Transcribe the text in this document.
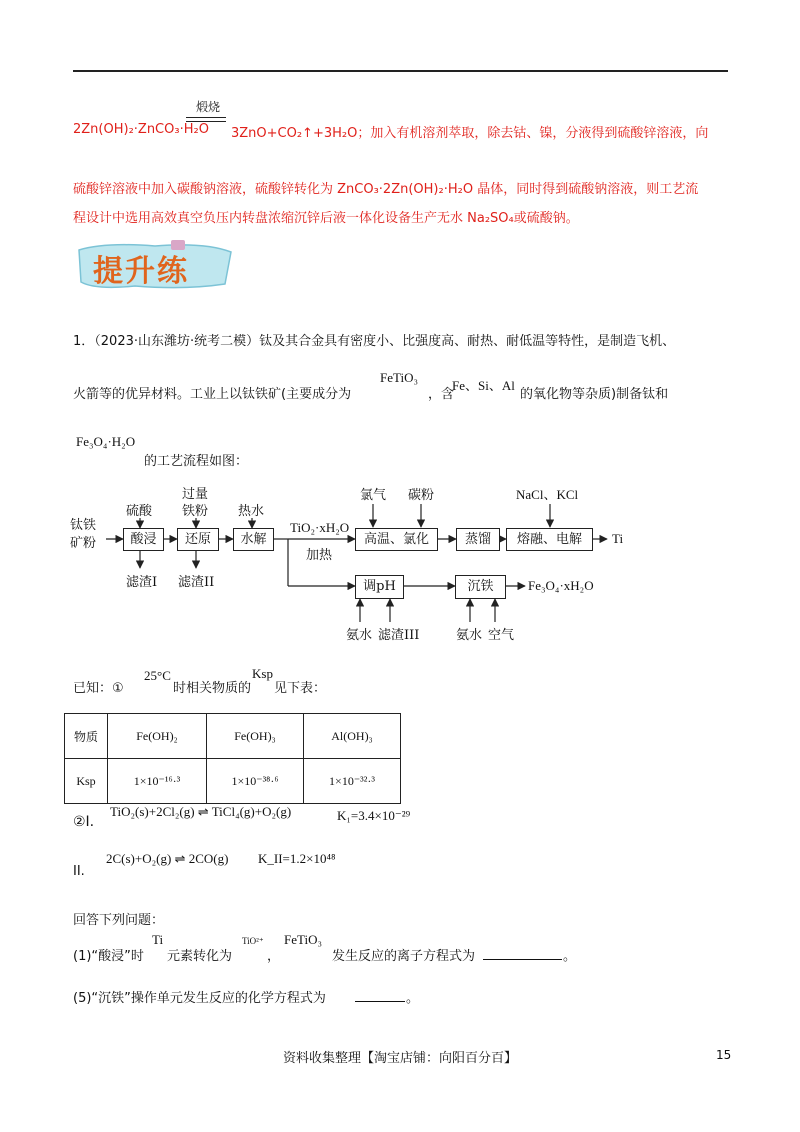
煅烧
2Zn(OH)₂·ZnCO₃·H₂O 3ZnO+CO₂↑+3H₂O；加入有机溶剂萃取，除去钴、镍，分液得到硫酸锌溶液，向
硫酸锌溶液中加入碳酸钠溶液，硫酸锌转化为 ZnCO₃·2Zn(OH)₂·H₂O 晶体，同时得到硫酸钠溶液，则工艺流
程设计中选用高效真空负压内转盘浓缩沉锌后液一体化设备生产无水 Na₂SO₄或硫酸钠。
提升练
1．（2023·山东潍坊·统考二模）钛及其合金具有密度小、比强度高、耐热、耐低温等特性，是制造飞机、
火箭等的优异材料。工业上以钛铁矿(主要成分为
FeTiO₃
，含
Fe、Si、Al
的氧化物等杂质)制备钛和
Fe₃O₄·H₂O
的工艺流程如图：
钛铁
矿粉
硫酸
过量
铁粉 热水
氯气 碳粉	NaCl、KCl
酸浸	还原	水解	高温、氯化	蒸馏	熔融、电解
调pH	沉铁
滤渣I 滤渣II
TiO₂·xH₂O
加热
Ti
Fe₃O₄·xH₂O
氨水 滤渣III	氨水 空气
已知：①
25°C
时相关物质的
Ksp
见下表：
物质	Fe(OH)₂	Fe(OH)₃	Al(OH)₃
Ksp	1×10⁻¹⁶·³	1×10⁻³⁸·⁶	1×10⁻³²·³
②I.
TiO₂(s)+2Cl₂(g) ⇌ TiCl₄(g)+O₂(g)	K₁=3.4×10⁻²⁹
II.
2C(s)+O₂(g) ⇌ 2CO(g) K_II=1.2×10⁴⁸
回答下列问题：
(1)“酸浸”时
Ti
元素转化为
TiO²⁺
，
FeTiO₃
发生反应的离子方程式为	。
(5)“沉铁”操作单元发生反应的化学方程式为	。
资料收集整理【淘宝店铺：向阳百分百】	15
